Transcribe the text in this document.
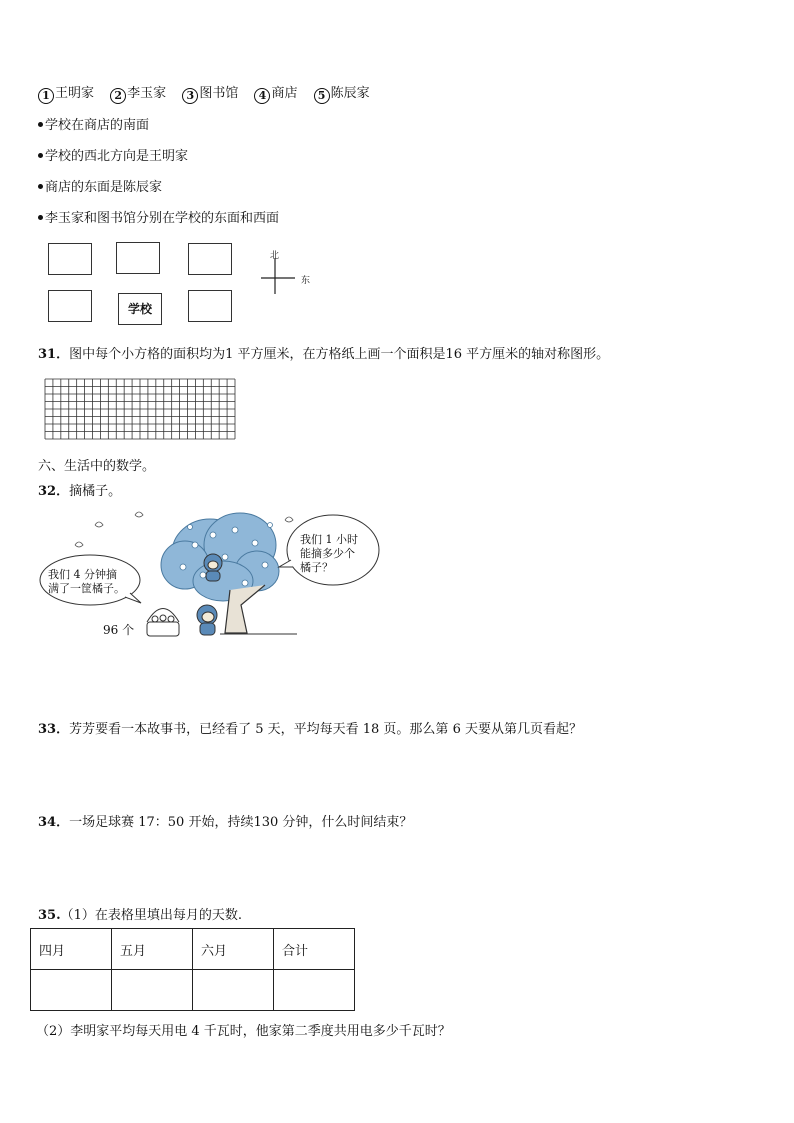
1 王明家 2 李玉家 3 图书馆 4 商店 5 陈辰家
学校在商店的南面
学校的西北方向是王明家
商店的东面是陈辰家
李玉家和图书馆分别在学校的东面和西面
学校
北
东
31．图中每个小方格的面积均为1 平方厘米，在方格纸上画一个面积是16 平方厘米的轴对称图形。
六、生活中的数学。
32．摘橘子。
我们 4 分钟摘
满了一筐橘子。
我们 1 小时
能摘多少个
橘子？
96 个
33．芳芳要看一本故事书，已经看了 5 天，平均每天看 18 页。那么第 6 天要从第几页看起？
34．一场足球赛 17：50 开始，持续130 分钟，什么时间结束？
35.（1）在表格里填出每月的天数.
四月	五月	六月	合计

（2）李明家平均每天用电 4 千瓦时，他家第二季度共用电多少千瓦时？
